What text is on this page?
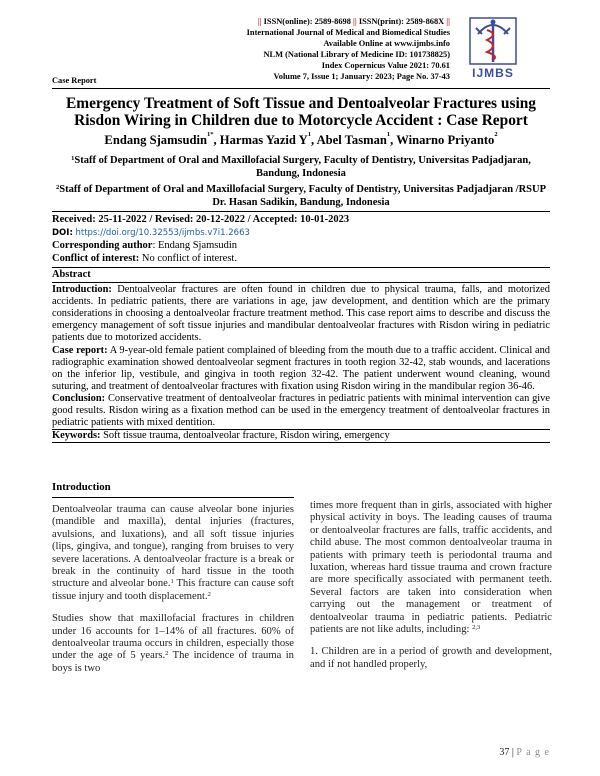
|| ISSN(online): 2589-8698 || ISSN(print): 2589-868X ||
International Journal of Medical and Biomedical Studies
Available Online at www.ijmbs.info
NLM (National Library of Medicine ID: 101738825)
Index Copernicus Value 2021: 70.61
Volume 7, Issue 1; January: 2023; Page No. 37-43
Case Report
IJMBS
Emergency Treatment of Soft Tissue and Dentoalveolar Fractures using Risdon Wiring in Children due to Motorcycle Accident : Case Report
Endang Sjamsudin$^{1*}$, Harmas Yazid $Y^1$, Abel Tasman$^1$, Winarno Priyanto$^2$
$^1$Staff of Department of Oral and Maxillofacial Surgery, Faculty of Dentistry, Universitas Padjadjaran, Bandung, Indonesia
$^2$Staff of Department of Oral and Maxillofacial Surgery, Faculty of Dentistry, Universitas Padjadjaran /RSUP Dr. Hasan Sadikin, Bandung, Indonesia
Received: 25-11-2022 / Revised: 20-12-2022 / Accepted: 10-01-2023
DOI: https://doi.org/10.32553/ijmbs.v7i1.2663
Corresponding author: Endang Sjamsudin
Conflict of interest: No conflict of interest.

Abstract

Introduction: Dentoalveolar fractures are often found in children due to physical trauma, falls, and motorized accidents. In pediatric patients, there are variations in age, jaw development, and dentition which are the primary considerations in choosing a dentoalveolar fracture treatment method. This case report aims to describe and discuss the emergency management of soft tissue injuries and mandibular dentoalveolar fractures with Risdon wiring in pediatric patients due to motorized accidents.

Case report: A 9-year-old female patient complained of bleeding from the mouth due to a traffic accident. Clinical and radiographic examination showed dentoalveolar segment fractures in tooth region 32-42, stab wounds, and lacerations on the inferior lip, vestibule, and gingiva in tooth region 32-42. The patient underwent wound cleaning, wound suturing, and treatment of dentoalveolar fractures with fixation using Risdon wiring in the mandibular region 36-46.

Conclusion: Conservative treatment of dentoalveolar fractures in pediatric patients with minimal intervention can give good results. Risdon wiring as a fixation method can be used in the emergency treatment of dentoalveolar fractures in pediatric patients with mixed dentition.

Keywords: Soft tissue trauma, dentoalveolar fracture, Risdon wiring, emergency

Introduction

Dentoalveolar trauma can cause alveolar bone injuries (mandible and maxilla), dental injuries (fractures, avulsions, and luxations), and all soft tissue injuries (lips, gingiva, and tongue), ranging from bruises to very severe lacerations. A dentoalveolar fracture is a break or break in the continuity of hard tissue in the tooth structure and alveolar bone.$^1$ This fracture can cause soft tissue injury and tooth displacement.$^2$

Studies show that maxillofacial fractures in children under 16 accounts for 1–14% of all fractures. 60% of dentoalveolar trauma occurs in children, especially those under the age of 5 years.$^2$ The incidence of trauma in boys is two

times more frequent than in girls, associated with higher physical activity in boys. The leading causes of trauma or dentoalveolar fractures are falls, traffic accidents, and child abuse. The most common dentoalveolar trauma in patients with primary teeth is periodontal trauma and luxation, whereas hard tissue trauma and crown fracture are more specifically associated with permanent teeth. Several factors are taken into consideration when carrying out the management or treatment of dentoalveolar trauma in pediatric patients. Pediatric patients are not like adults, including: $^{2,3}$

1. Children are in a period of growth and development, and if not handled properly,

37 | P a g e
